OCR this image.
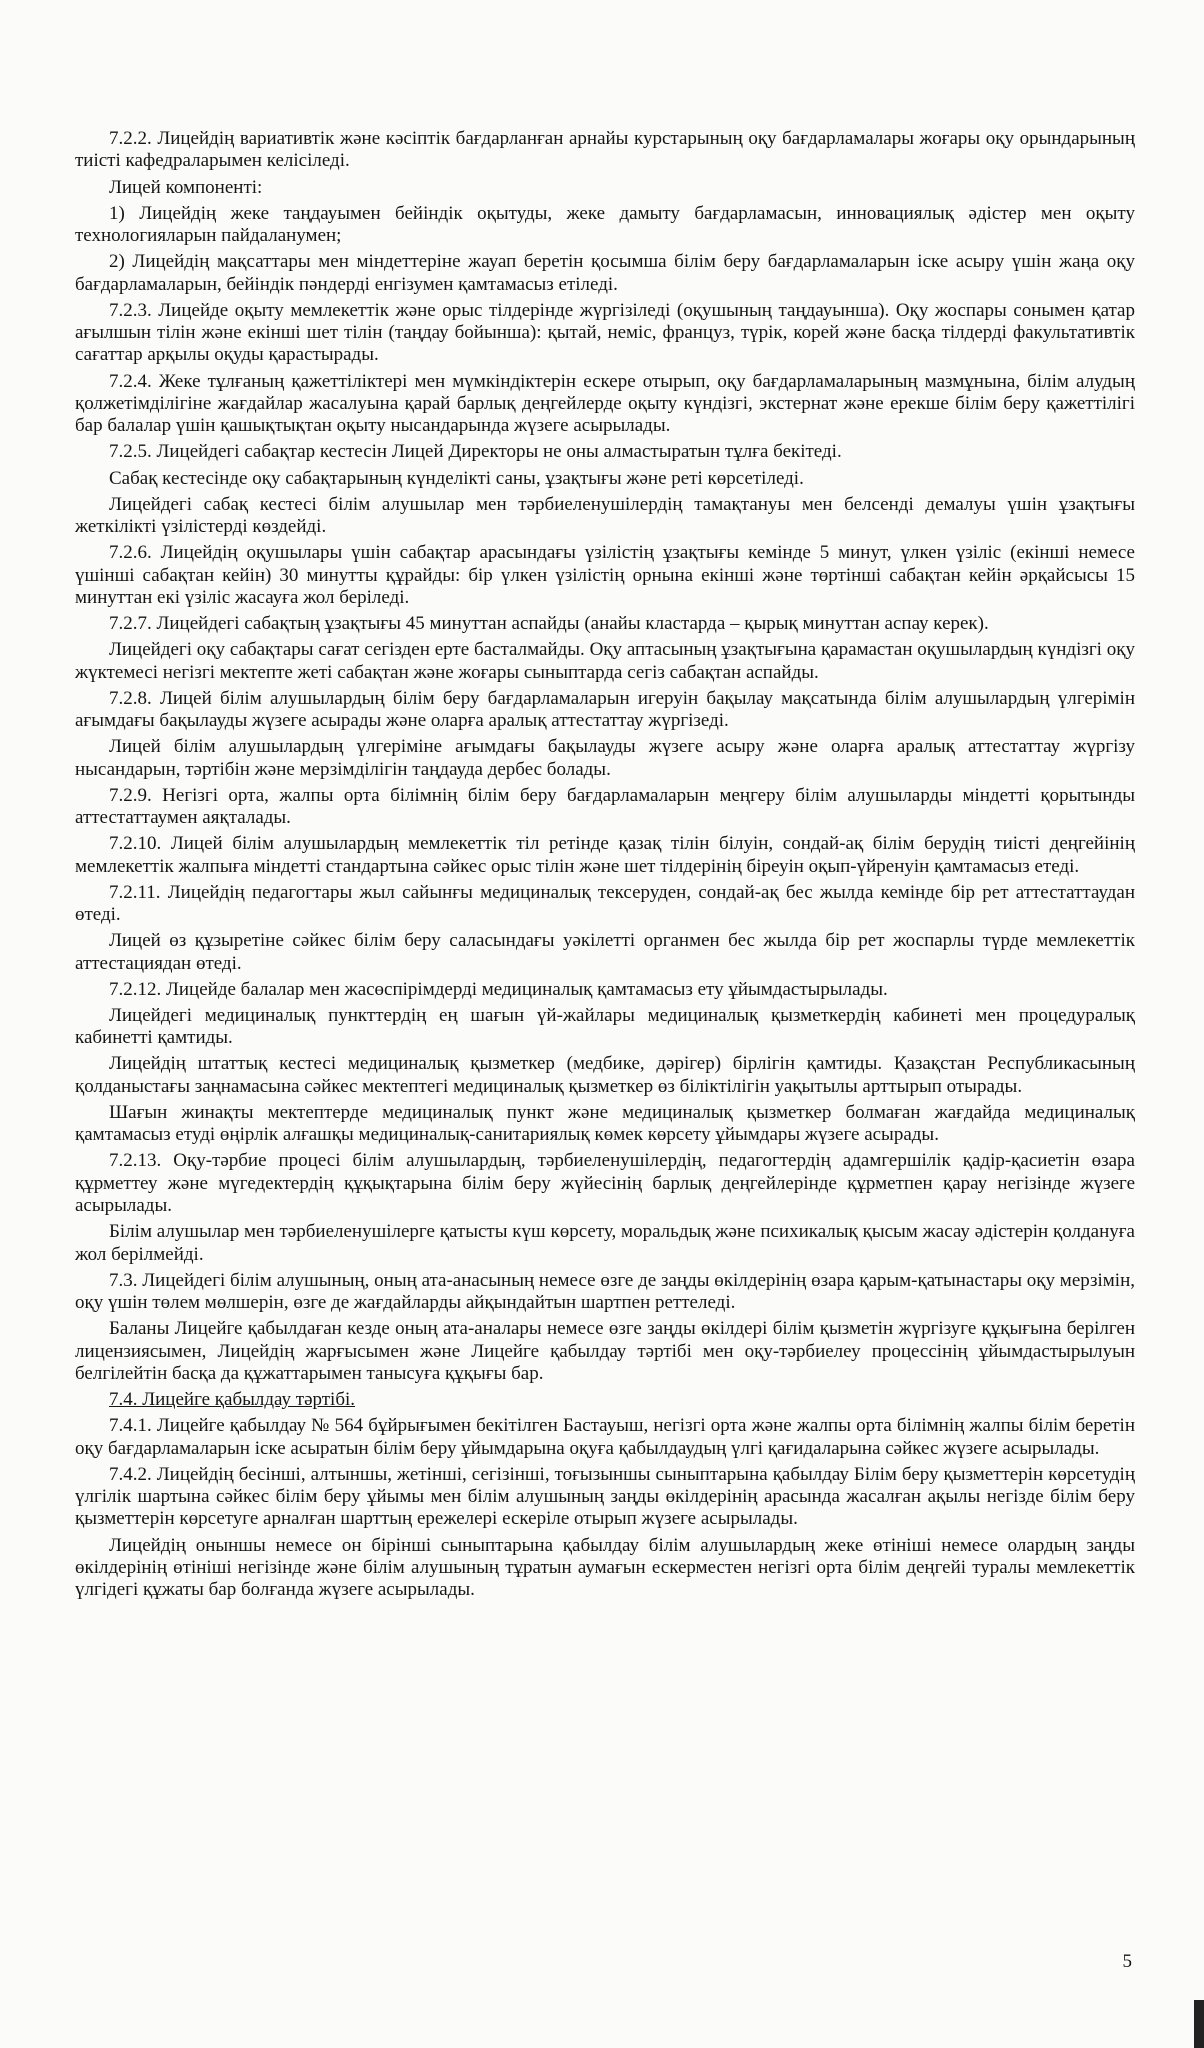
7.2.2. Лицейдің вариативтік және кәсіптік бағдарланған арнайы курстарының оқу бағдарламалары жоғары оқу орындарының тиісті кафедраларымен келісіледі.

Лицей компоненті:

1) Лицейдің жеке таңдауымен бейіндік оқытуды, жеке дамыту бағдарламасын, инновациялық әдістер мен оқыту технологияларын пайдаланумен;

2) Лицейдің мақсаттары мен міндеттеріне жауап беретін қосымша білім беру бағдарламаларын іске асыру үшін жаңа оқу бағдарламаларын, бейіндік пәндерді енгізумен қамтамасыз етіледі.

7.2.3. Лицейде оқыту мемлекеттік және орыс тілдерінде жүргізіледі (оқушының таңдауынша). Оқу жоспары сонымен қатар ағылшын тілін және екінші шет тілін (таңдау бойынша): қытай, неміс, француз, түрік, корей және басқа тілдерді факультативтік сағаттар арқылы оқуды қарастырады.

7.2.4. Жеке тұлғаның қажеттіліктері мен мүмкіндіктерін ескере отырып, оқу бағдарламаларының мазмұнына, білім алудың қолжетімділігіне жағдайлар жасалуына қарай барлық деңгейлерде оқыту күндізгі, экстернат және ерекше білім беру қажеттілігі бар балалар үшін қашықтықтан оқыту нысандарында жүзеге асырылады.

7.2.5. Лицейдегі сабақтар кестесін Лицей Директоры не оны алмастыратын тұлға бекітеді.

Сабақ кестесінде оқу сабақтарының күнделікті саны, ұзақтығы және реті көрсетіледі.

Лицейдегі сабақ кестесі білім алушылар мен тәрбиеленушілердің тамақтануы мен белсенді демалуы үшін ұзақтығы жеткілікті үзілістерді көздейді.

7.2.6. Лицейдің оқушылары үшін сабақтар арасындағы үзілістің ұзақтығы кемінде 5 минут, үлкен үзіліс (екінші немесе үшінші сабақтан кейін) 30 минутты құрайды: бір үлкен үзілістің орнына екінші және төртінші сабақтан кейін әрқайсысы 15 минуттан екі үзіліс жасауға жол беріледі.

7.2.7. Лицейдегі сабақтың ұзақтығы 45 минуттан аспайды (анайы кластарда – қырық минуттан аспау керек).

Лицейдегі оқу сабақтары сағат сегізден ерте басталмайды. Оқу аптасының ұзақтығына қарамастан оқушылардың күндізгі оқу жүктемесі негізгі мектепте жеті сабақтан және жоғары сыныптарда сегіз сабақтан аспайды.

7.2.8. Лицей білім алушылардың білім беру бағдарламаларын игеруін бақылау мақсатында білім алушылардың үлгерімін ағымдағы бақылауды жүзеге асырады және оларға аралық аттестаттау жүргізеді.

Лицей білім алушылардың үлгеріміне ағымдағы бақылауды жүзеге асыру және оларға аралық аттестаттау жүргізу нысандарын, тәртібін және мерзімділігін таңдауда дербес болады.

7.2.9. Негізгі орта, жалпы орта білімнің білім беру бағдарламаларын меңгеру білім алушыларды міндетті қорытынды аттестаттаумен аяқталады.

7.2.10. Лицей білім алушылардың мемлекеттік тіл ретінде қазақ тілін білуін, сондай-ақ білім берудің тиісті деңгейінің мемлекеттік жалпыға міндетті стандартына сәйкес орыс тілін және шет тілдерінің біреуін оқып-үйренуін қамтамасыз етеді.

7.2.11. Лицейдің педагогтары жыл сайынғы медициналық тексеруден, сондай-ақ бес жылда кемінде бір рет аттестаттаудан өтеді.

Лицей өз құзыретіне сәйкес білім беру саласындағы уәкілетті органмен бес жылда бір рет жоспарлы түрде мемлекеттік аттестациядан өтеді.

7.2.12. Лицейде балалар мен жасөспірімдерді медициналық қамтамасыз ету ұйымдастырылады.

Лицейдегі медициналық пункттердің ең шағын үй-жайлары медициналық қызметкердің кабинеті мен процедуралық кабинетті қамтиды.

Лицейдің штаттық кестесі медициналық қызметкер (медбике, дәрігер) бірлігін қамтиды. Қазақстан Республикасының қолданыстағы заңнамасына сәйкес мектептегі медициналық қызметкер өз біліктілігін уақытылы арттырып отырады.

Шағын жинақты мектептерде медициналық пункт және медициналық қызметкер болмаған жағдайда медициналық қамтамасыз етуді өңірлік алғашқы медициналық-санитариялық көмек көрсету ұйымдары жүзеге асырады.

7.2.13. Оқу-тәрбие процесі білім алушылардың, тәрбиеленушілердің, педагогтердің адамгершілік қадір-қасиетін өзара құрметтеу және мүгедектердің құқықтарына білім беру жүйесінің барлық деңгейлерінде құрметпен қарау негізінде жүзеге асырылады.

Білім алушылар мен тәрбиеленушілерге қатысты күш көрсету, моральдық және психикалық қысым жасау әдістерін қолдануға жол берілмейді.

7.3. Лицейдегі білім алушының, оның ата-анасының немесе өзге де заңды өкілдерінің өзара қарым-қатынастары оқу мерзімін, оқу үшін төлем мөлшерін, өзге де жағдайларды айқындайтын шартпен реттеледі.

Баланы Лицейге қабылдаған кезде оның ата-аналары немесе өзге заңды өкілдері білім қызметін жүргізуге құқығына берілген лицензиясымен, Лицейдің жарғысымен және Лицейге қабылдау тәртібі мен оқу-тәрбиелеу процессінің ұйымдастырылуын белгілейтін басқа да құжаттарымен танысуға құқығы бар.

7.4. Лицейге қабылдау тәртібі.

7.4.1. Лицейге қабылдау № 564 бұйрығымен бекітілген Бастауыш, негізгі орта және жалпы орта білімнің жалпы білім беретін оқу бағдарламаларын іске асыратын білім беру ұйымдарына оқуға қабылдаудың үлгі қағидаларына сәйкес жүзеге асырылады.

7.4.2. Лицейдің бесінші, алтыншы, жетінші, сегізінші, тоғызыншы сыныптарына қабылдау Білім беру қызметтерін көрсетудің үлгілік шартына сәйкес білім беру ұйымы мен білім алушының заңды өкілдерінің арасында жасалған ақылы негізде білім беру қызметтерін көрсетуге арналған шарттың ережелері ескеріле отырып жүзеге асырылады.

Лицейдің оныншы немесе он бірінші сыныптарына қабылдау білім алушылардың жеке өтініші немесе олардың заңды өкілдерінің өтініші негізінде және білім алушының тұратын аумағын ескерместен негізгі орта білім деңгейі туралы мемлекеттік үлгідегі құжаты бар болғанда жүзеге асырылады.

5
